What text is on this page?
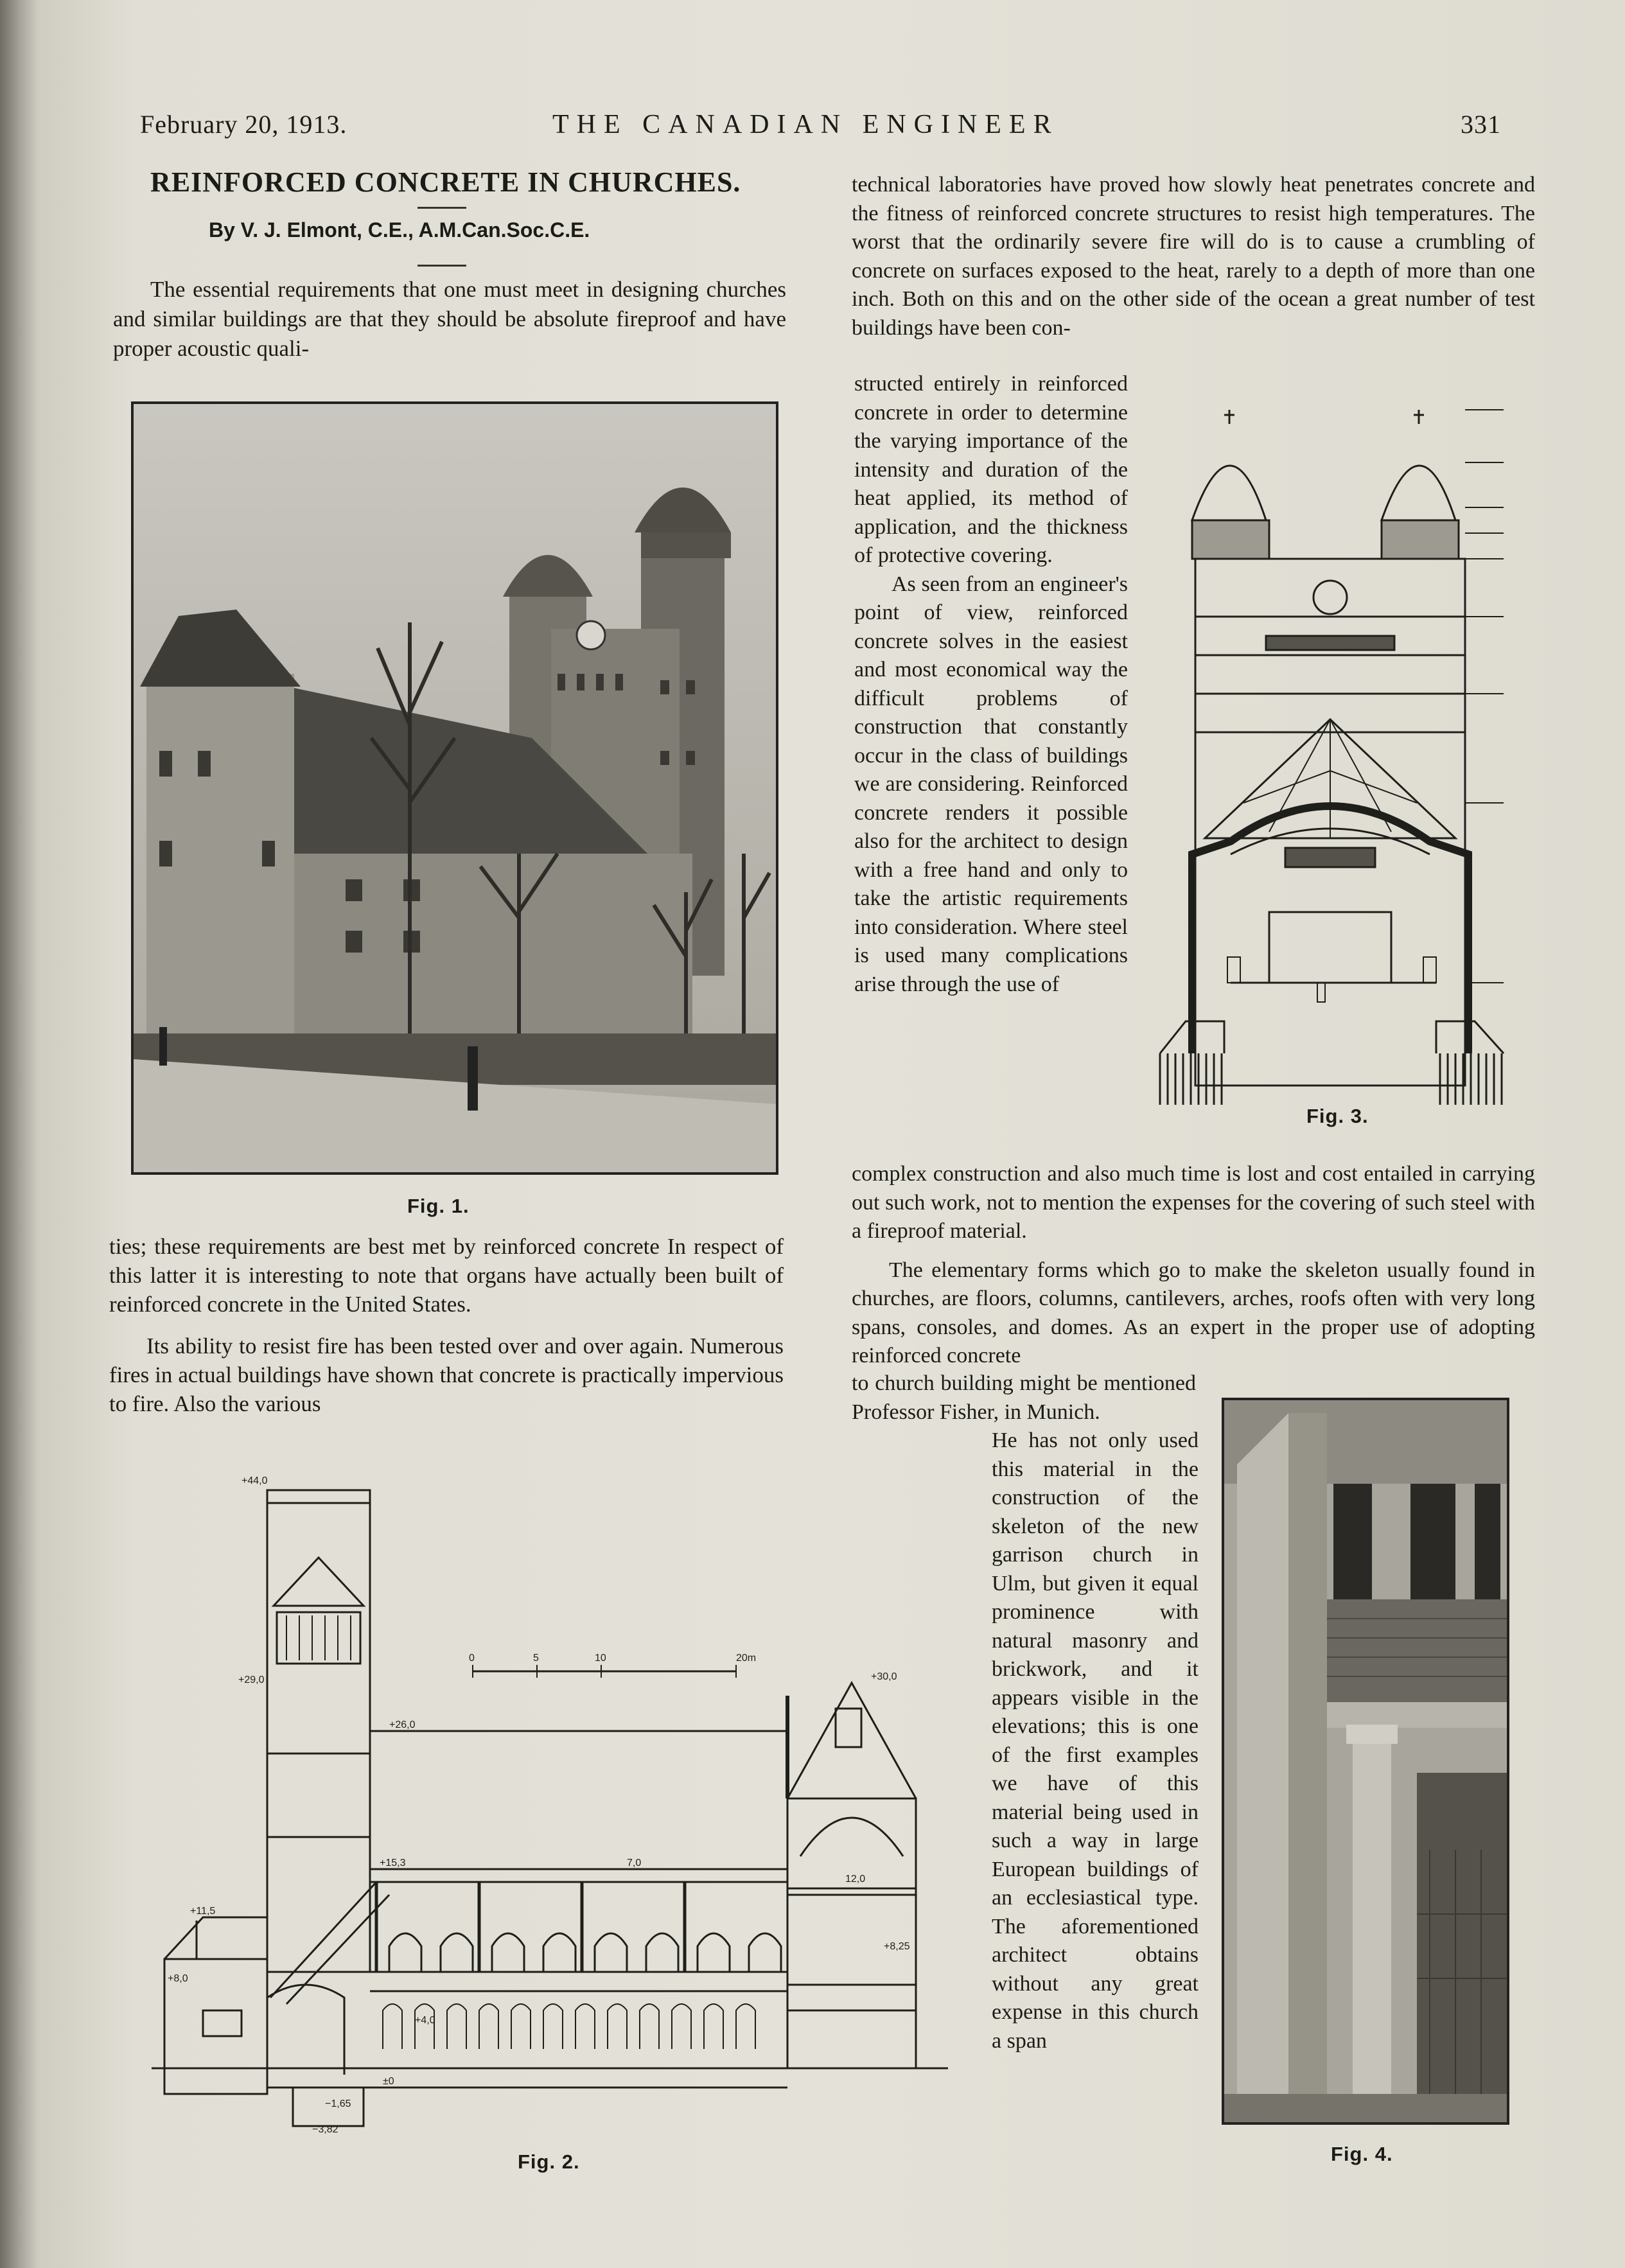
February 20, 1913.	THE CANADIAN ENGINEER	331
REINFORCED CONCRETE IN CHURCHES.
By V. J. Elmont, C.E., A.M.Can.Soc.C.E.

The essential requirements that one must meet in designing churches and similar buildings are that they should be absolute fireproof and have proper acoustic quali-

Fig. 1.

ties; these requirements are best met by reinforced concrete In respect of this latter it is interesting to note that organs have actually been built of reinforced concrete in the United States.

Its ability to resist fire has been tested over and over again. Numerous fires in actual buildings have shown that concrete is practically impervious to fire. Also the various

+44,0
+29,0
+26,0
+15,3
+30,0
+11,5
+8,0
+4,0
±0
−1,65
−3,82
7,0
12,0
+8,25
0	5	10	20m
Fig. 2.

technical laboratories have proved how slowly heat penetrates concrete and the fitness of reinforced concrete structures to resist high temperatures. The worst that the ordinarily severe fire will do is to cause a crumbling of concrete on surfaces exposed to the heat, rarely to a depth of more than one inch. Both on this and on the other side of the ocean a great number of test buildings have been con-

structed entirely in reinforced concrete in order to determine the varying importance of the intensity and duration of the heat applied, its method of application, and the thickness of protective covering.

As seen from an engineer's point of view, reinforced concrete solves in the easiest and most economical way the difficult problems of construction that constantly occur in the class of buildings we are considering. Reinforced concrete renders it possible also for the architect to design with a free hand and only to take the artistic requirements into consideration. Where steel is used many complications arise through the use of

Fig. 3.

complex construction and also much time is lost and cost entailed in carrying out such work, not to mention the expenses for the covering of such steel with a fireproof material.

The elementary forms which go to make the skeleton usually found in churches, are floors, columns, cantilevers, arches, roofs often with very long spans, consoles, and domes. As an expert in the proper use of adopting reinforced concrete

to church building might be mentioned Professor Fisher, in Munich.

He has not only used this material in the construction of the skeleton of the new garrison church in Ulm, but given it equal prominence with natural masonry and brickwork, and it appears visible in the elevations; this is one of the first examples we have of this material being used in such a way in large European buildings of an ecclesiastical type. The aforementioned architect obtains without any great expense in this church a span

Fig. 4.
